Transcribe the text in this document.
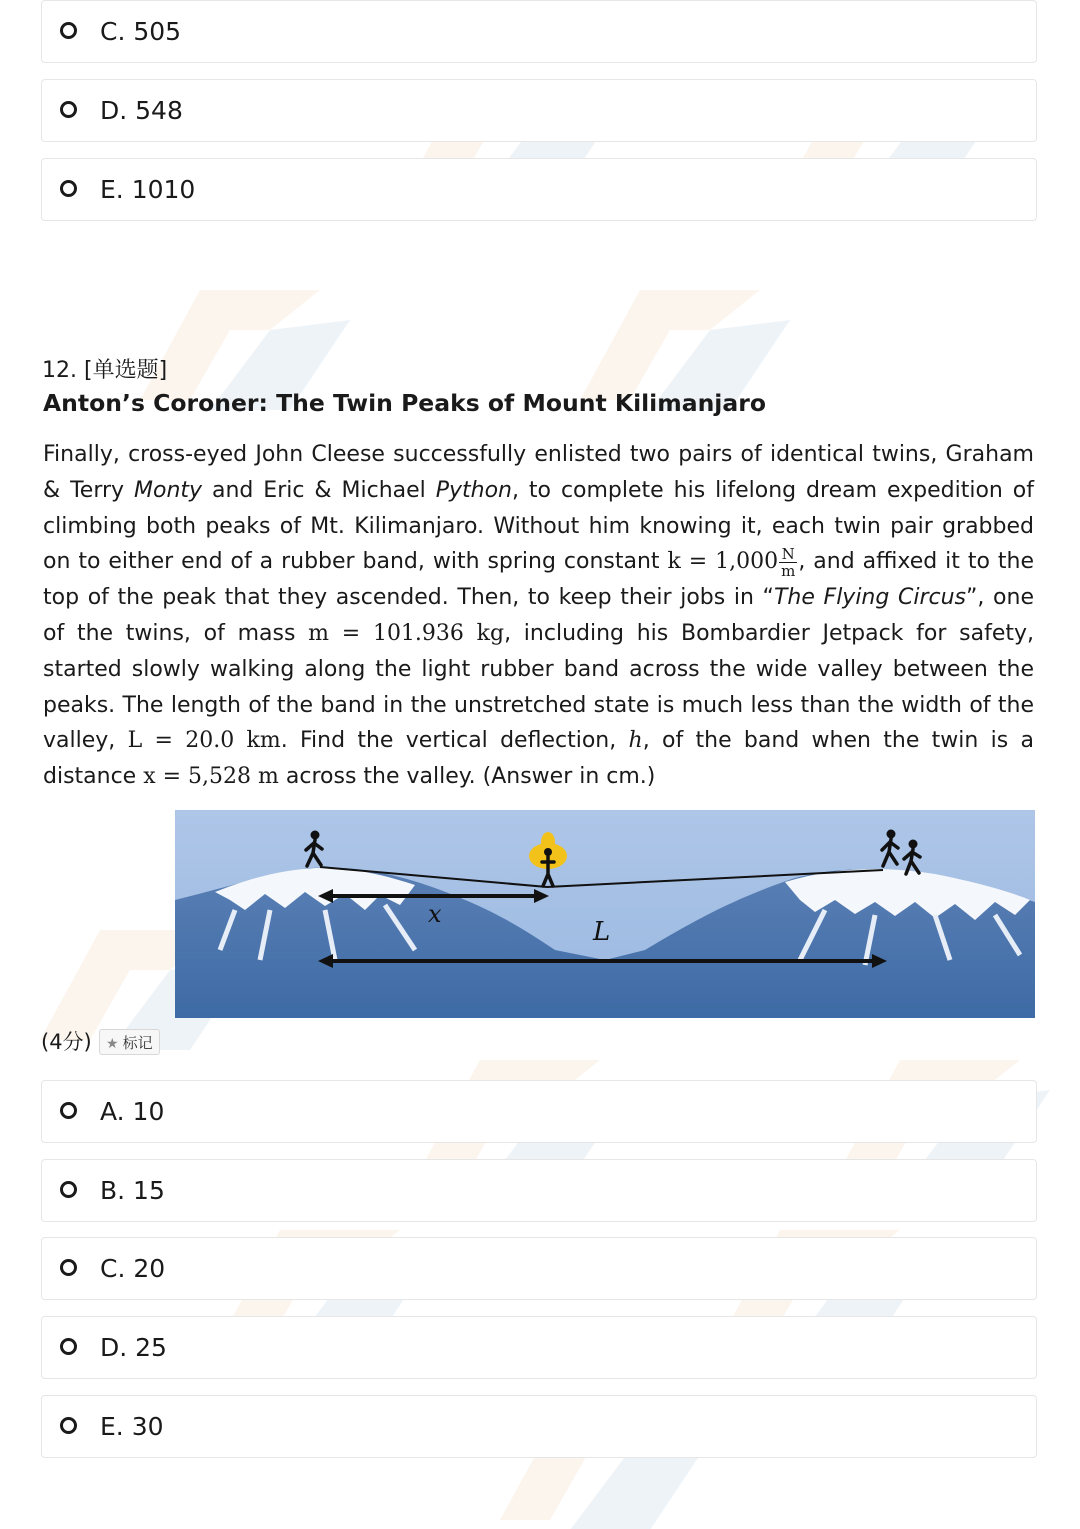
C. 505
D. 548
E. 1010
12. [单选题]
Anton’s Coroner: The Twin Peaks of Mount Kilimanjaro
Finally, cross-eyed John Cleese successfully enlisted two pairs of identical twins, Graham & Terry Monty and Eric & Michael Python, to complete his lifelong dream expedition of climbing both peaks of Mt. Kilimanjaro. Without him knowing it, each twin pair grabbed on to either end of a rubber band, with spring constant $k = 1,000 \frac{N}{m}$ , and affixed it to the top of the peak that they ascended. Then, to keep their jobs in “The Flying Circus”, one of the twins, of mass m = 101.936 kg, including his Bombardier Jetpack for safety, started slowly walking along the light rubber band across the wide valley between the peaks. The length of the band in the unstretched state is much less than the width of the valley, L = 20.0 km. Find the vertical deflection, h, of the band when the twin is a distance x = 5,528 m across the valley. (Answer in cm.)
x
L
(4分)	★ 标记
A. 10
B. 15
C. 20
D. 25
E. 30
